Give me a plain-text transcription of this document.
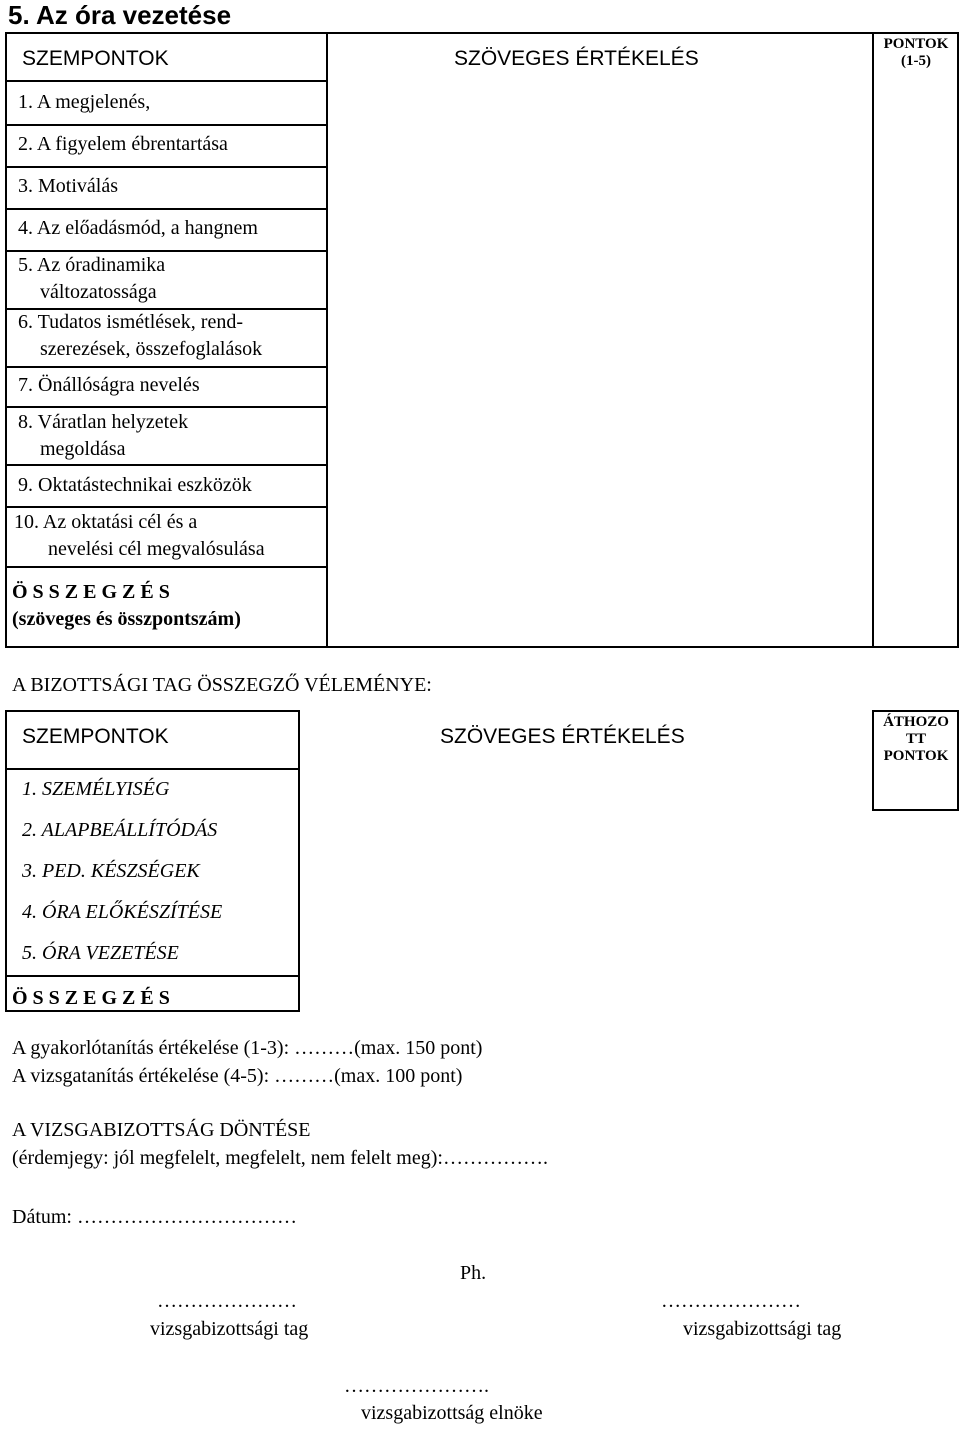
5. Az óra vezetése
SZEMPONTOK	SZÖVEGES ÉRTÉKELÉS
PONTOK
(1-5)
1. A megjelenés,
2. A figyelem ébrentartása
3. Motiválás
4. Az előadásmód, a hangnem
5. Az óradinamika
változatossága
6. Tudatos ismétlések, rend-
szerezések, összefoglalások
7. Önállóságra nevelés
8. Váratlan helyzetek
megoldása
9. Oktatástechnikai eszközök
10. Az oktatási cél és a
nevelési cél megvalósulása
Ö S S Z E G Z É S
(szöveges és összpontszám)
A BIZOTTSÁGI TAG ÖSSZEGZŐ VÉLEMÉNYE:
SZEMPONTOK	SZÖVEGES ÉRTÉKELÉS
ÁTHOZO
TT
PONTOK
1. SZEMÉLYISÉG
2. ALAPBEÁLLÍTÓDÁS
3. PED. KÉSZSÉGEK
4. ÓRA ELŐKÉSZÍTÉSE
5. ÓRA VEZETÉSE
Ö S S Z E G Z É S
A gyakorlótanítás értékelése (1-3): ………(max. 150 pont)
A vizsgatanítás értékelése (4-5): ………(max. 100 pont)
A VIZSGABIZOTTSÁG DÖNTÉSE
(érdemjegy: jól megfelelt, megfelelt, nem felelt meg):…………….
Dátum: ……………………………
Ph.
…………………
vizsgabizottsági tag
…………………
vizsgabizottsági tag
………………….
vizsgabizottság elnöke
